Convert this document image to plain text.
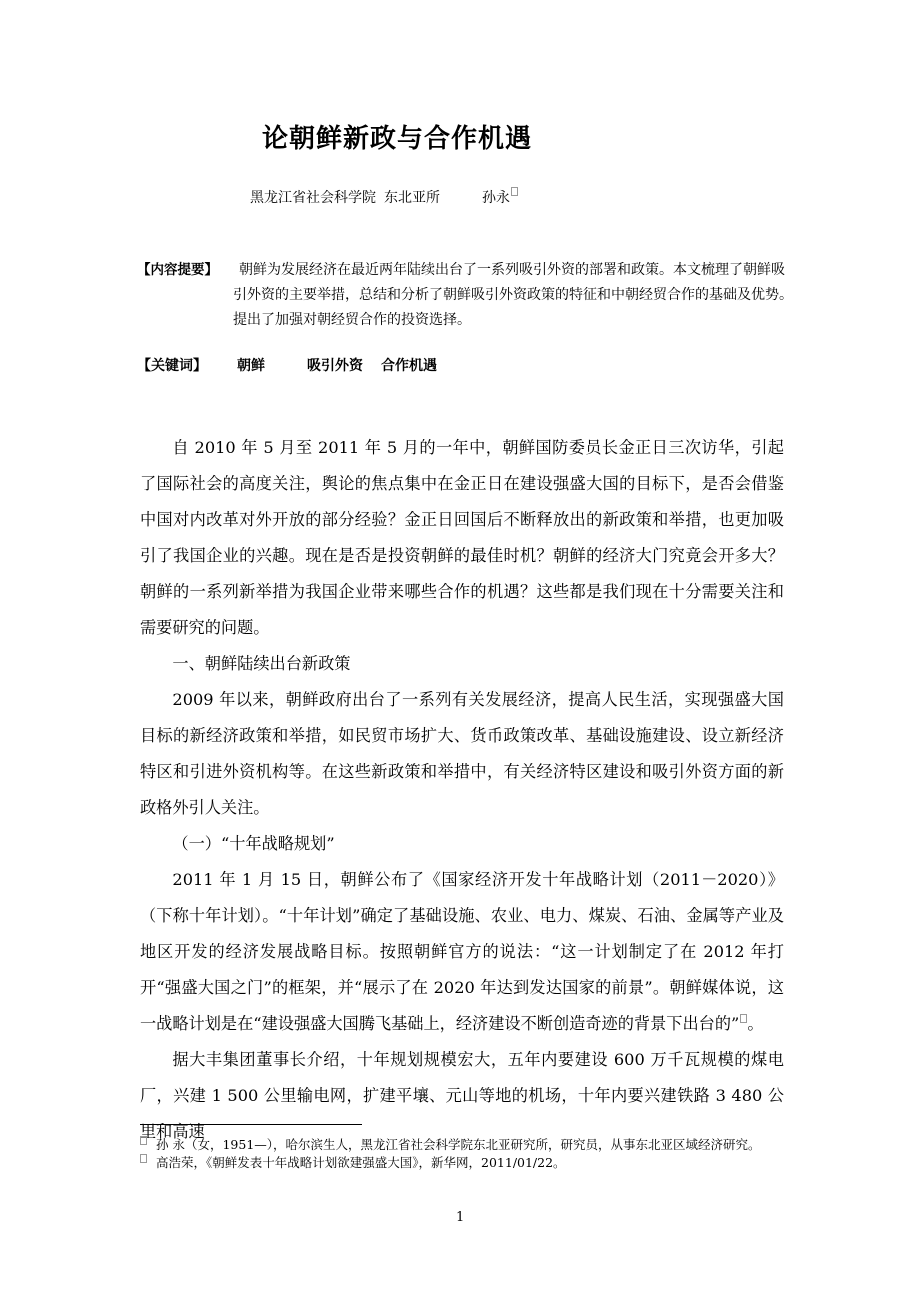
论朝鲜新政与合作机遇
黑龙江省社会科学院 东北亚所	孙永
【内容提要】	朝鲜为发展经济在最近两年陆续出台了一系列吸引外资的部署和政策。本文梳理了朝鲜吸引外资的主要举措，总结和分析了朝鲜吸引外资政策的特征和中朝经贸合作的基础及优势。提出了加强对朝经贸合作的投资选择。
【关键词】 朝鲜	吸引外资 合作机遇

自 2010 年 5 月至 2011 年 5 月的一年中，朝鲜国防委员长金正日三次访华，引起了国际社会的高度关注，舆论的焦点集中在金正日在建设强盛大国的目标下，是否会借鉴中国对内改革对外开放的部分经验？金正日回国后不断释放出的新政策和举措，也更加吸引了我国企业的兴趣。现在是否是投资朝鲜的最佳时机？朝鲜的经济大门究竟会开多大？朝鲜的一系列新举措为我国企业带来哪些合作的机遇？这些都是我们现在十分需要关注和需要研究的问题。

一、朝鲜陆续出台新政策

2009 年以来，朝鲜政府出台了一系列有关发展经济，提高人民生活，实现强盛大国目标的新经济政策和举措，如民贸市场扩大、货币政策改革、基础设施建设、设立新经济特区和引进外资机构等。在这些新政策和举措中，有关经济特区建设和吸引外资方面的新政格外引人关注。

（一）“十年战略规划”

2011 年 1 月 15 日，朝鲜公布了《国家经济开发十年战略计划（2011－2020）》（下称十年计划）。“十年计划”确定了基础设施、农业、电力、煤炭、石油、金属等产业及地区开发的经济发展战略目标。按照朝鲜官方的说法：“这一计划制定了在 2012 年打开“强盛大国之门”的框架，并“展示了在 2020 年达到发达国家的前景”。朝鲜媒体说，这一战略计划是在“建设强盛大国腾飞基础上，经济建设不断创造奇迹的背景下出台的” 。

据大丰集团董事长介绍，十年规划规模宏大，五年内要建设 600 万千瓦规模的煤电厂，兴建 1 500 公里输电网，扩建平壤、元山等地的机场，十年内要兴建铁路 3 480 公里和高速

孙 永（女，1951—），哈尔滨生人，黑龙江省社会科学院东北亚研究所，研究员，从事东北亚区域经济研究。
高浩荣，《朝鲜发表十年战略计划欲建强盛大国》，新华网，2011/01/22。
1
